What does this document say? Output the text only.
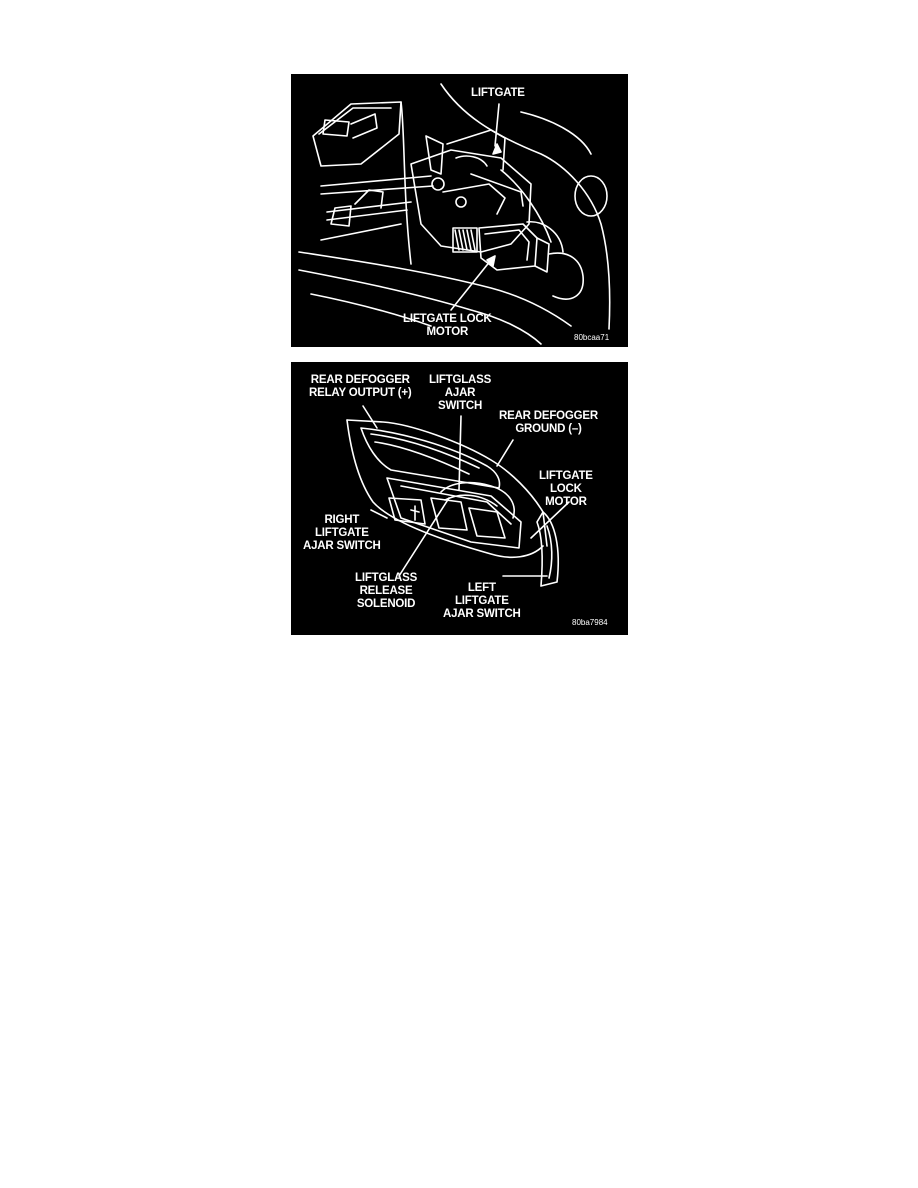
LIFTGATE
LIFTGATE LOCK
MOTOR	80bcaa71
REAR DEFOGGER
RELAY OUTPUT (+)
LIFTGLASS
AJAR
SWITCH
REAR DEFOGGER
GROUND (–)
LIFTGATE
LOCK
MOTOR
RIGHT
LIFTGATE
AJAR SWITCH
LIFTGLASS
RELEASE
SOLENOID
LEFT
LIFTGATE
AJAR SWITCH
80ba7984
